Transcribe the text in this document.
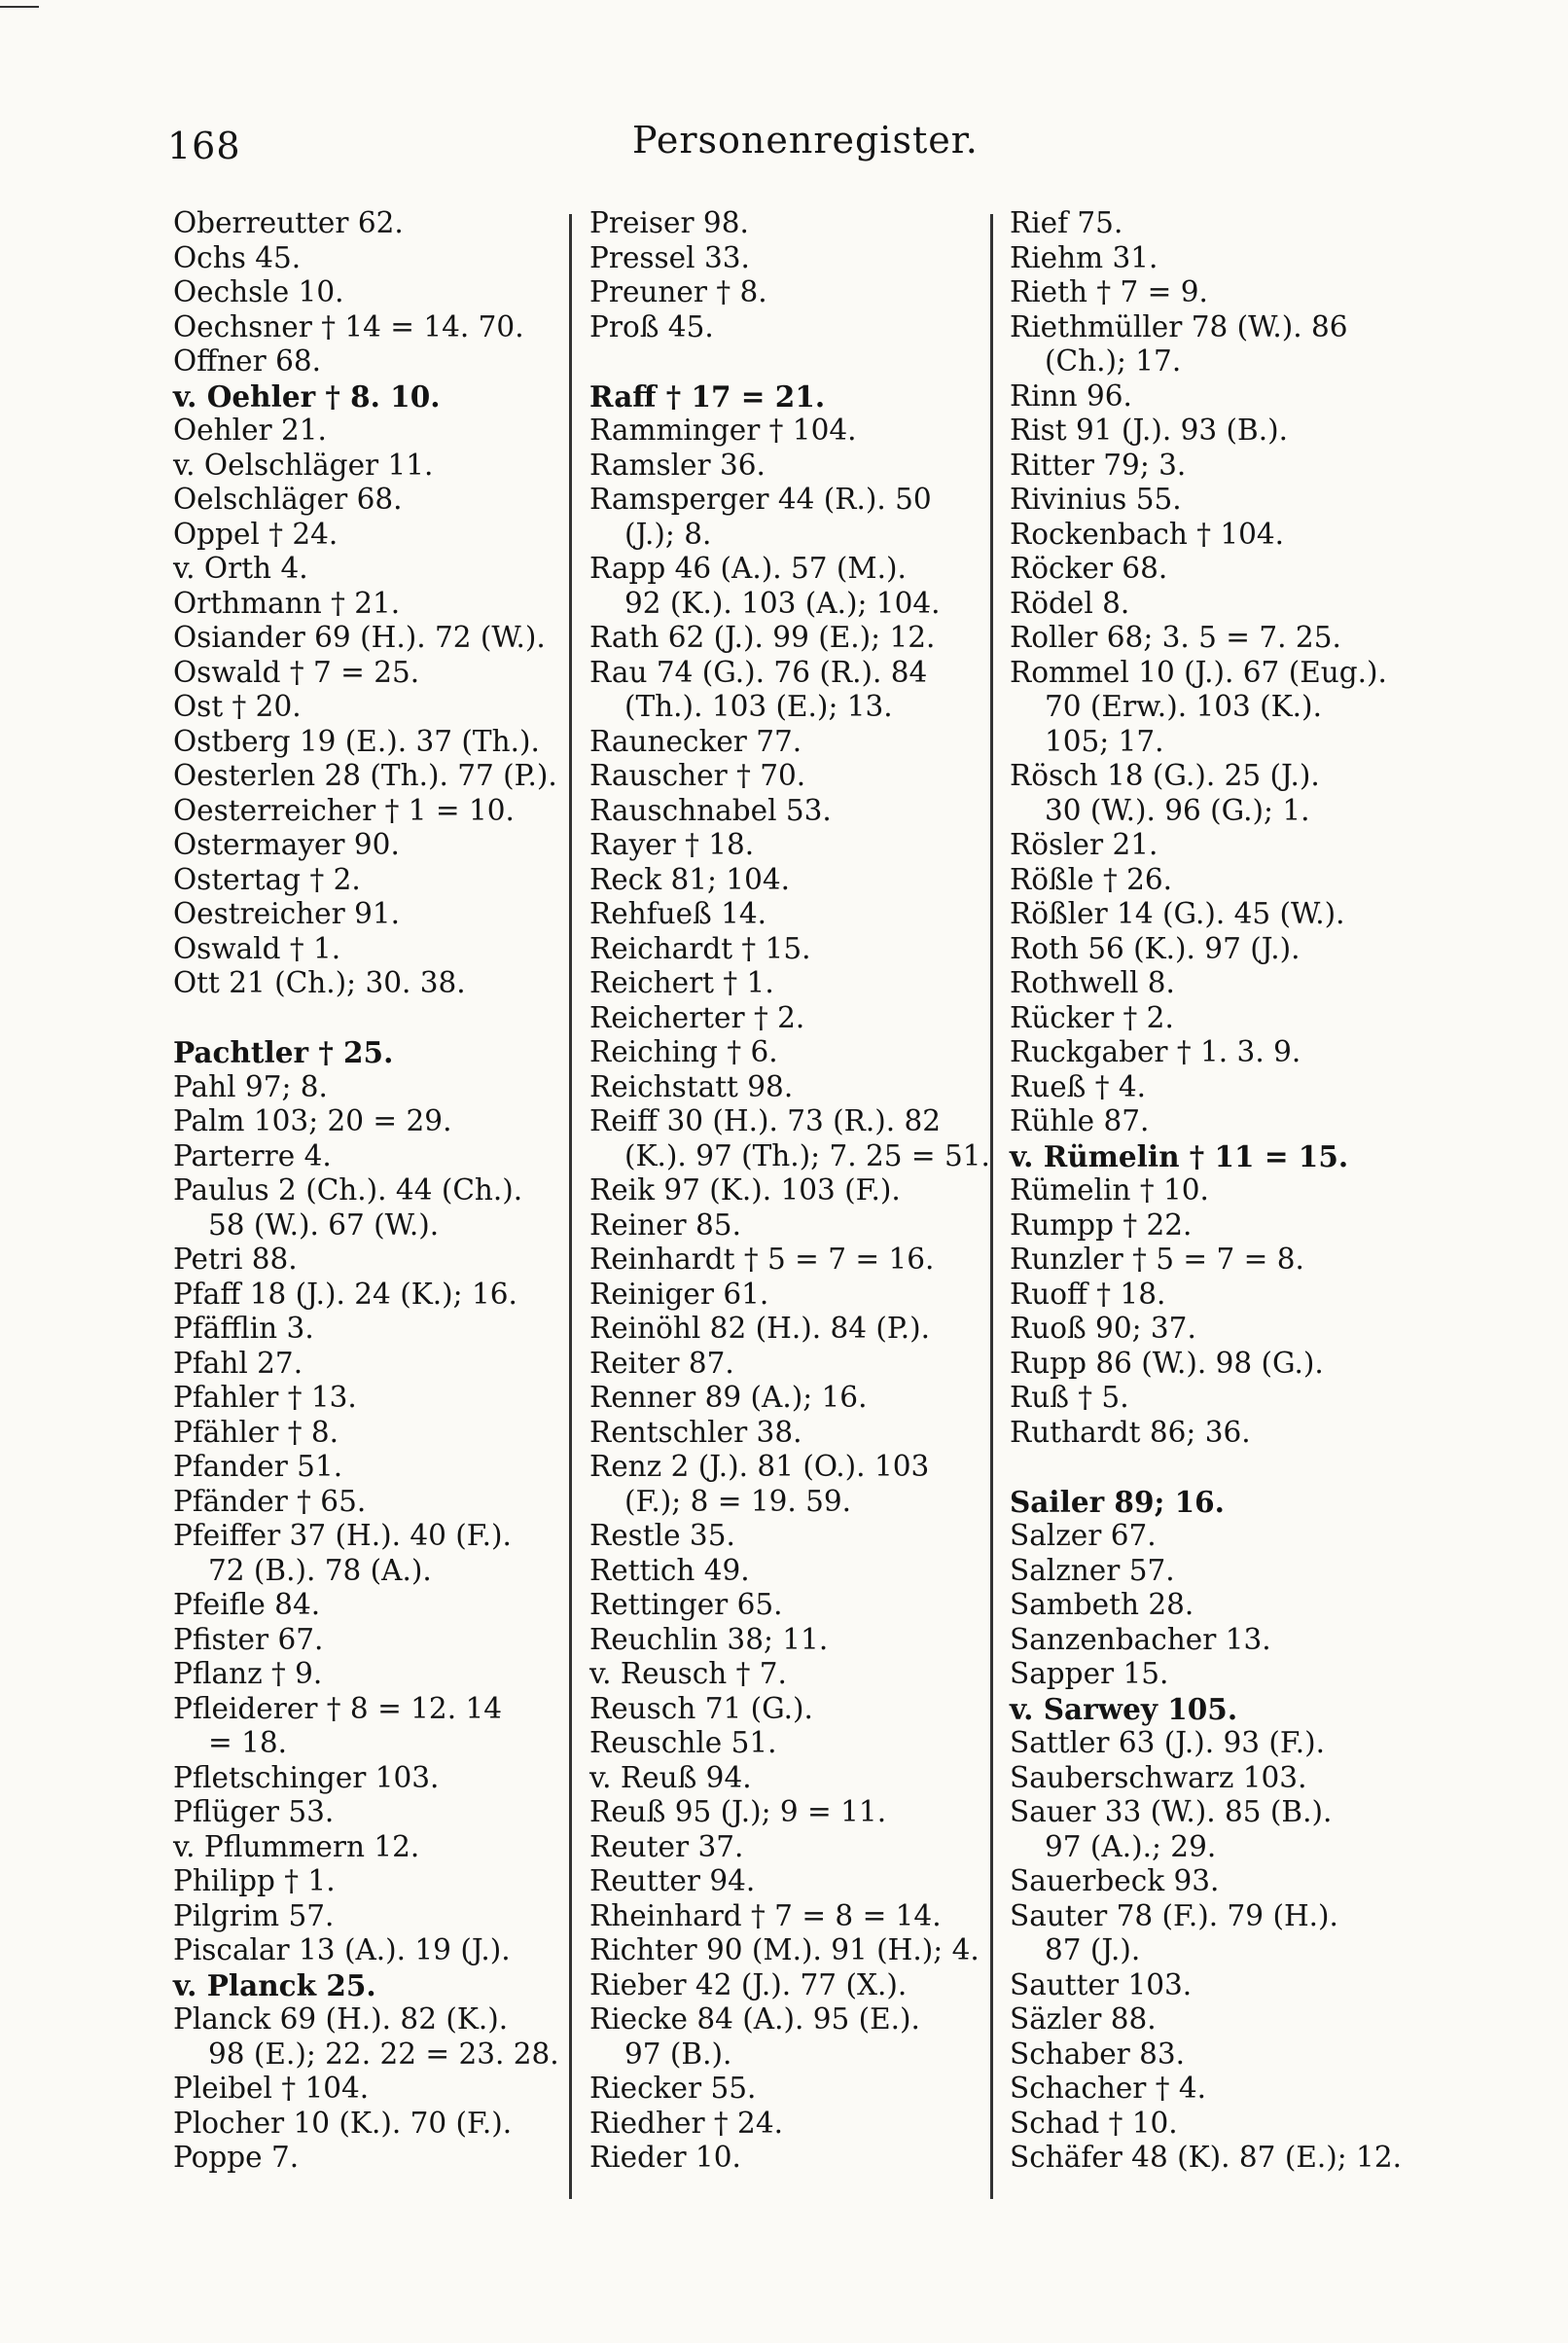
168	Personenregister.
Oberreutter 62.
Ochs 45.
Oechsle 10.
Oechsner † 14 = 14. 70.
Offner 68.
v. Oehler † 8. 10.
Oehler 21.
v. Oelschläger 11.
Oelschläger 68.
Oppel † 24.
v. Orth 4.
Orthmann † 21.
Osiander 69 (H.). 72 (W.).
Oswald † 7 = 25.
Ost † 20.
Ostberg 19 (E.). 37 (Th.).
Oesterlen 28 (Th.). 77 (P.).
Oesterreicher † 1 = 10.
Ostermayer 90.
Ostertag † 2.
Oestreicher 91.
Oswald † 1.
Ott 21 (Ch.); 30. 38.
Pachtler † 25.
Pahl 97; 8.
Palm 103; 20 = 29.
Parterre 4.
Paulus 2 (Ch.). 44 (Ch.).
58 (W.). 67 (W.).
Petri 88.
Pfaff 18 (J.). 24 (K.); 16.
Pfäfflin 3.
Pfahl 27.
Pfahler † 13.
Pfähler † 8.
Pfander 51.
Pfänder † 65.
Pfeiffer 37 (H.). 40 (F.).
72 (B.). 78 (A.).
Pfeifle 84.
Pfister 67.
Pflanz † 9.
Pfleiderer † 8 = 12. 14
= 18.
Pfletschinger 103.
Pflüger 53.
v. Pflummern 12.
Philipp † 1.
Pilgrim 57.
Piscalar 13 (A.). 19 (J.).
v. Planck 25.
Planck 69 (H.). 82 (K.).
98 (E.); 22. 22 = 23. 28.
Pleibel † 104.
Plocher 10 (K.). 70 (F.).
Poppe 7.
Preiser 98.
Pressel 33.
Preuner † 8.
Proß 45.
Raff † 17 = 21.
Ramminger † 104.
Ramsler 36.
Ramsperger 44 (R.). 50
(J.); 8.
Rapp 46 (A.). 57 (M.).
92 (K.). 103 (A.); 104.
Rath 62 (J.). 99 (E.); 12.
Rau 74 (G.). 76 (R.). 84
(Th.). 103 (E.); 13.
Raunecker 77.
Rauscher † 70.
Rauschnabel 53.
Rayer † 18.
Reck 81; 104.
Rehfueß 14.
Reichardt † 15.
Reichert † 1.
Reicherter † 2.
Reiching † 6.
Reichstatt 98.
Reiff 30 (H.). 73 (R.). 82
(K.). 97 (Th.); 7. 25 = 51.
Reik 97 (K.). 103 (F.).
Reiner 85.
Reinhardt † 5 = 7 = 16.
Reiniger 61.
Reinöhl 82 (H.). 84 (P.).
Reiter 87.
Renner 89 (A.); 16.
Rentschler 38.
Renz 2 (J.). 81 (O.). 103
(F.); 8 = 19. 59.
Restle 35.
Rettich 49.
Rettinger 65.
Reuchlin 38; 11.
v. Reusch † 7.
Reusch 71 (G.).
Reuschle 51.
v. Reuß 94.
Reuß 95 (J.); 9 = 11.
Reuter 37.
Reutter 94.
Rheinhard † 7 = 8 = 14.
Richter 90 (M.). 91 (H.); 4.
Rieber 42 (J.). 77 (X.).
Riecke 84 (A.). 95 (E.).
97 (B.).
Riecker 55.
Riedher † 24.
Rieder 10.
Rief 75.
Riehm 31.
Rieth † 7 = 9.
Riethmüller 78 (W.). 86
(Ch.); 17.
Rinn 96.
Rist 91 (J.). 93 (B.).
Ritter 79; 3.
Rivinius 55.
Rockenbach † 104.
Röcker 68.
Rödel 8.
Roller 68; 3. 5 = 7. 25.
Rommel 10 (J.). 67 (Eug.).
70 (Erw.). 103 (K.).
105; 17.
Rösch 18 (G.). 25 (J.).
30 (W.). 96 (G.); 1.
Rösler 21.
Rößle † 26.
Rößler 14 (G.). 45 (W.).
Roth 56 (K.). 97 (J.).
Rothwell 8.
Rücker † 2.
Ruckgaber † 1. 3. 9.
Rueß † 4.
Rühle 87.
v. Rümelin † 11 = 15.
Rümelin † 10.
Rumpp † 22.
Runzler † 5 = 7 = 8.
Ruoff † 18.
Ruoß 90; 37.
Rupp 86 (W.). 98 (G.).
Ruß † 5.
Ruthardt 86; 36.
Sailer 89; 16.
Salzer 67.
Salzner 57.
Sambeth 28.
Sanzenbacher 13.
Sapper 15.
v. Sarwey 105.
Sattler 63 (J.). 93 (F.).
Sauberschwarz 103.
Sauer 33 (W.). 85 (B.).
97 (A.).; 29.
Sauerbeck 93.
Sauter 78 (F.). 79 (H.).
87 (J.).
Sautter 103.
Säzler 88.
Schaber 83.
Schacher † 4.
Schad † 10.
Schäfer 48 (K). 87 (E.); 12.
